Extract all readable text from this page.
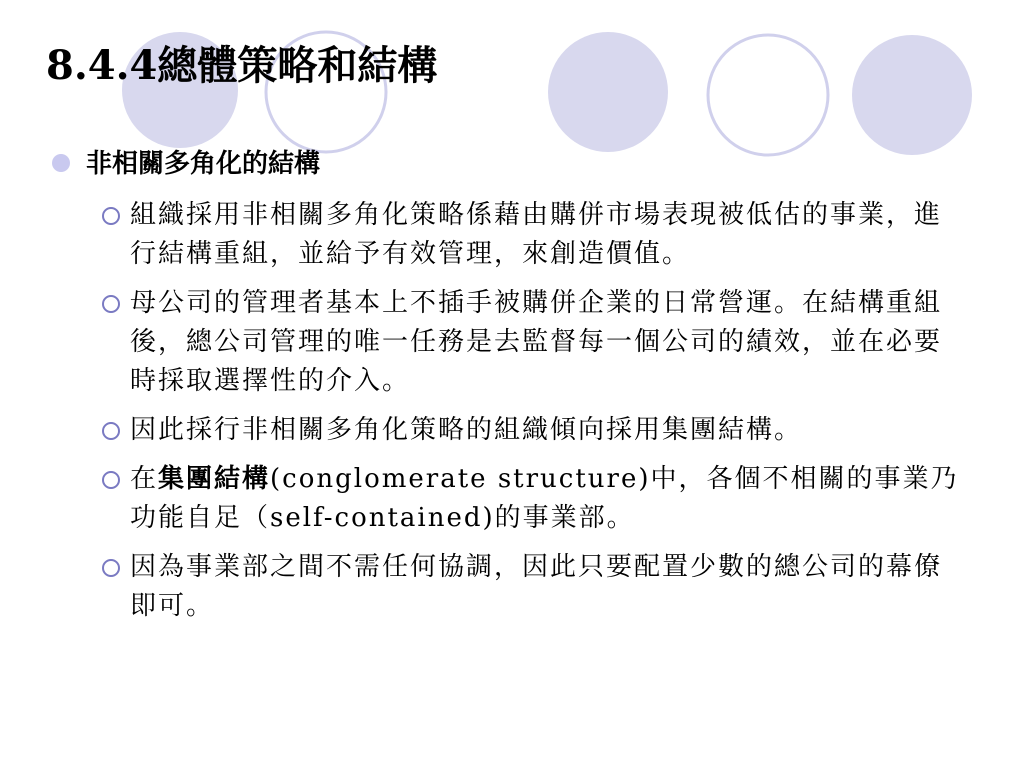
8.4.4總體策略和結構
非相關多角化的結構
組織採用非相關多角化策略係藉由購併市場表現被低估的事業，進行結構重組，並給予有效管理，來創造價值。
母公司的管理者基本上不插手被購併企業的日常營運。在結構重組後，總公司管理的唯一任務是去監督每一個公司的績效，並在必要時採取選擇性的介入。
因此採行非相關多角化策略的組織傾向採用集團結構。
在集團結構(conglomerate structure)中，各個不相關的事業乃功能自足（self-contained)的事業部。
因為事業部之間不需任何協調，因此只要配置少數的總公司的幕僚即可。
